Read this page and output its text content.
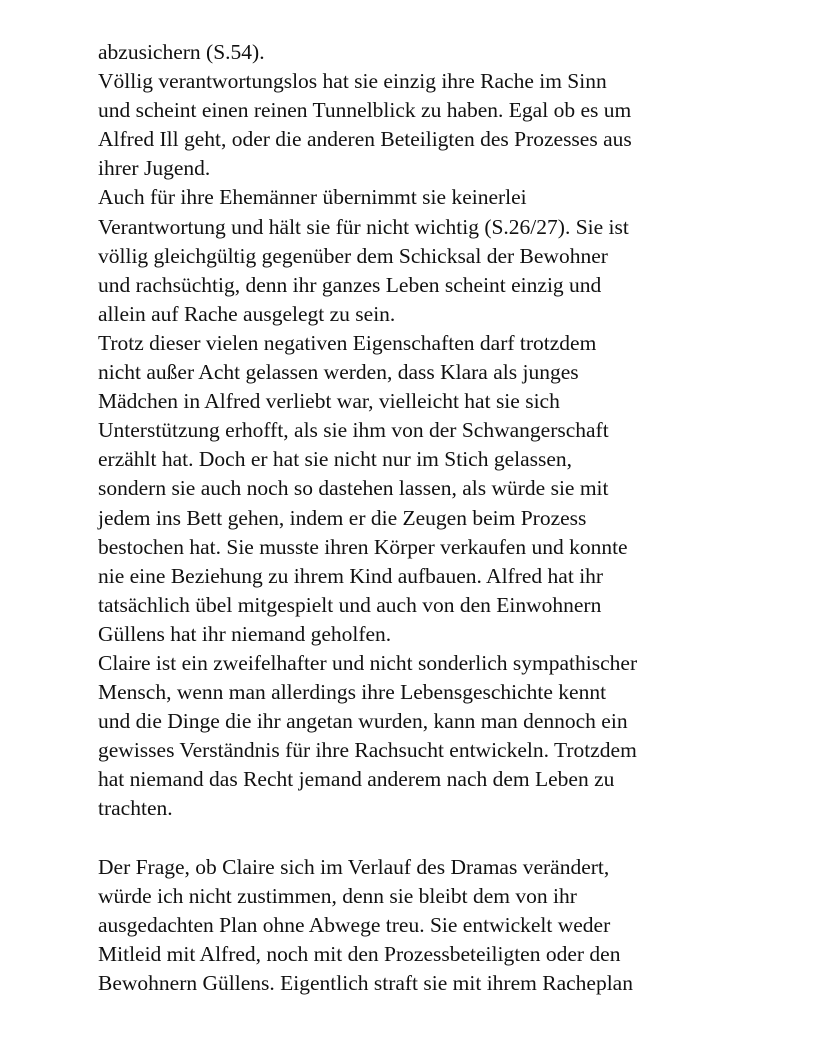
abzusichern (S.54).
Völlig verantwortungslos hat sie einzig ihre Rache im Sinn
und scheint einen reinen Tunnelblick zu haben. Egal ob es um
Alfred Ill geht, oder die anderen Beteiligten des Prozesses aus
ihrer Jugend.
Auch für ihre Ehemänner übernimmt sie keinerlei
Verantwortung und hält sie für nicht wichtig (S.26/27). Sie ist
völlig gleichgültig gegenüber dem Schicksal der Bewohner
und rachsüchtig, denn ihr ganzes Leben scheint einzig und
allein auf Rache ausgelegt zu sein.
Trotz dieser vielen negativen Eigenschaften darf trotzdem
nicht außer Acht gelassen werden, dass Klara als junges
Mädchen in Alfred verliebt war, vielleicht hat sie sich
Unterstützung erhofft, als sie ihm von der Schwangerschaft
erzählt hat. Doch er hat sie nicht nur im Stich gelassen,
sondern sie auch noch so dastehen lassen, als würde sie mit
jedem ins Bett gehen, indem er die Zeugen beim Prozess
bestochen hat. Sie musste ihren Körper verkaufen und konnte
nie eine Beziehung zu ihrem Kind aufbauen. Alfred hat ihr
tatsächlich übel mitgespielt und auch von den Einwohnern
Güllens hat ihr niemand geholfen.
Claire ist ein zweifelhafter und nicht sonderlich sympathischer
Mensch, wenn man allerdings ihre Lebensgeschichte kennt
und die Dinge die ihr angetan wurden, kann man dennoch ein
gewisses Verständnis für ihre Rachsucht entwickeln. Trotzdem
hat niemand das Recht jemand anderem nach dem Leben zu
trachten.
Der Frage, ob Claire sich im Verlauf des Dramas verändert,
würde ich nicht zustimmen, denn sie bleibt dem von ihr
ausgedachten Plan ohne Abwege treu. Sie entwickelt weder
Mitleid mit Alfred, noch mit den Prozessbeteiligten oder den
Bewohnern Güllens. Eigentlich straft sie mit ihrem Racheplan
